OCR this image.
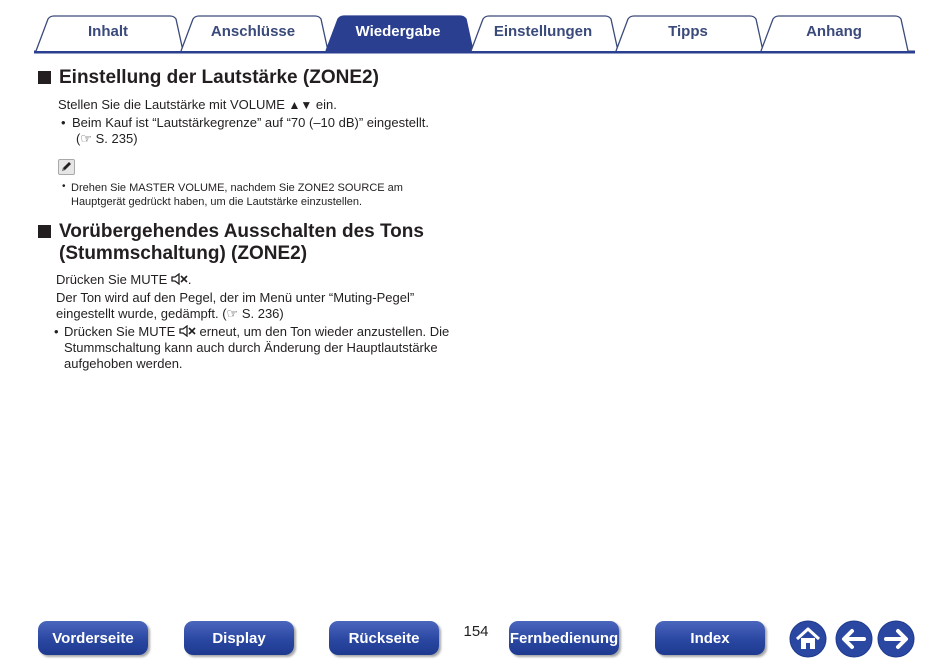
Inhalt	Anschlüsse	Wiedergabe	Einstellungen	Tipps	Anhang
Einstellung der Lautstärke (ZONE2)
Stellen Sie die Lautstärke mit VOLUME ▲▼ ein.
• Beim Kauf ist “Lautstärkegrenze” auf “70 (–10 dB)” eingestellt.
(☞ S. 235)
• Drehen Sie MASTER VOLUME, nachdem Sie ZONE2 SOURCE am
Hauptgerät gedrückt haben, um die Lautstärke einzustellen.
Vorübergehendes Ausschalten des Tons
(Stummschaltung) (ZONE2)
Drücken Sie MUTE .
Der Ton wird auf den Pegel, der im Menü unter “Muting-Pegel”
eingestellt wurde, gedämpft. (☞ S. 236)
• Drücken Sie MUTE  erneut, um den Ton wieder anzustellen. Die
Stummschaltung kann auch durch Änderung der Hauptlautstärke
aufgehoben werden.
Vorderseite	Display	Rückseite	154	Fernbedienung	Index
